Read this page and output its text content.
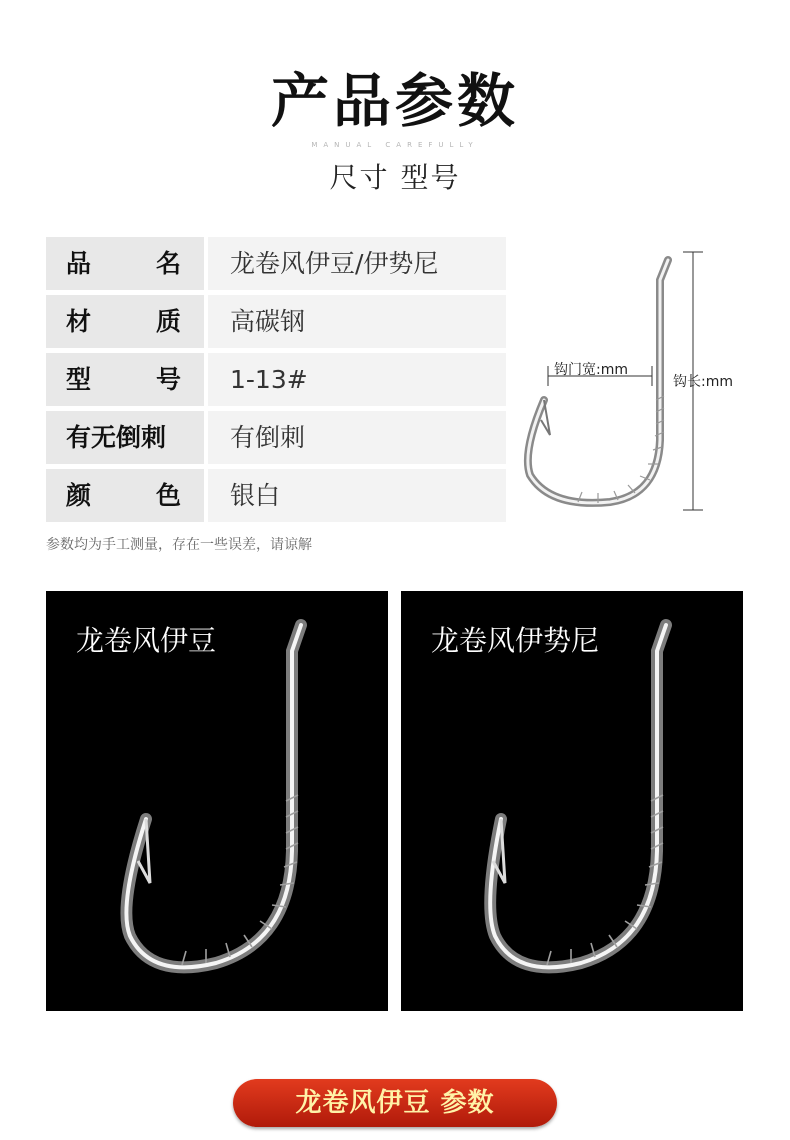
产品参数
MANUAL CAREFULLY
尺寸 型号
品	名 龙卷风伊豆/伊势尼
材	质 高碳钢
型	号 1-13#
有无倒刺	有倒刺
颜	色 银白
参数均为手工测量，存在一些误差，请谅解
钩门宽:mm
钩长:mm
龙卷风伊豆	龙卷风伊势尼
龙卷风伊豆 参数
